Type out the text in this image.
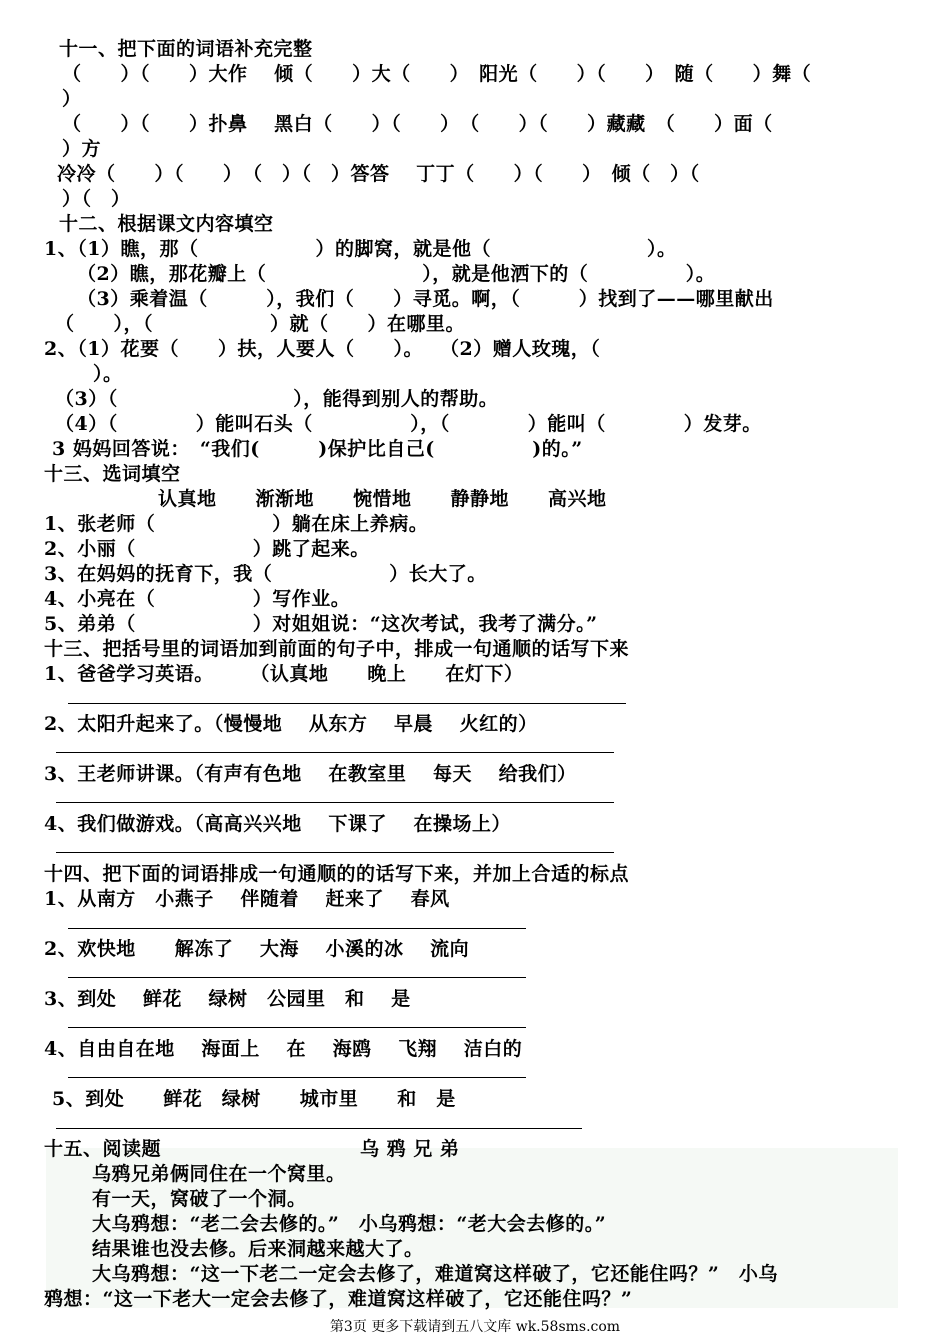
十一、把下面的词语补充完整
（　　）（　　）大作　 倾（　　）大（　　）　阳光（　　）（　　）　随（　　）舞（
）
（　　）（　　）扑鼻　 黑白（　　）（　　）　（　　）（　　）藏藏　（　　）面（
）方
冷冷（　　）（　　）　（　）（　）答答　 丁丁（　　）（　　）　倾（　）（
）（　）
十二、根据课文内容填空
1、（1）瞧，那（　　　　　　）的脚窝，就是他（　　　　　　　　）。
（2）瞧，那花瓣上（　　　　　　　　），就是他洒下的（　　　　　）。
（3）乘着温（　　　），我们（　　）寻觅。啊，（　　　）找到了——哪里献出
（　　），（　　　　　　）就（　　）在哪里。
2、（1）花要（　　）扶，人要人（　　）。　 （2）赠人玫瑰，（
）。
（3）（　　　　　　　　　），能得到别人的帮助。
（4）（　　　　）能叫石头（　　　　　），（　　　　）能叫（　　　　）发芽。
3 妈妈回答说：　“我们(　　　)保护比自己(　　　　　)的。”
十三、选词填空
认真地　　渐渐地　　惋惜地　　静静地　　高兴地
1、张老师（　　　　　　）躺在床上养病。
2、小丽（　　　　　　）跳了起来。
3、在妈妈的抚育下，我（　　　　　　）长大了。
4、小亮在（　　　　　）写作业。
5、弟弟（　　　　　　）对姐姐说：“这次考试，我考了满分。”
十三、把括号里的词语加到前面的句子中，排成一句通顺的话写下来
1、爸爸学习英语。　　 （认真地　　晚上　　在灯下）
2、太阳升起来了。（慢慢地　 从东方　 早晨　 火红的）
3、王老师讲课。（有声有色地　 在教室里　 每天　 给我们）
4、我们做游戏。（高高兴兴地　 下课了　 在操场上）
十四、把下面的词语排成一句通顺的的话写下来，并加上合适的标点
1、从南方　小燕子　 伴随着　 赶来了　 春风
2、欢快地　　解冻了　 大海　 小溪的冰　 流向
3、到处　 鲜花　 绿树　公园里　和　 是
4、自由自在地　 海面上　 在　 海鸥　 飞翔　 洁白的
5、到处　　鲜花　绿树　　城市里　　和　是
十五、阅读题	乌 鸦 兄 弟
乌鸦兄弟俩同住在一个窝里。
有一天，窝破了一个洞。
大乌鸦想：“老二会去修的。”　小乌鸦想：“老大会去修的。”
结果谁也没去修。后来洞越来越大了。
大乌鸦想：“这一下老二一定会去修了，难道窝这样破了，它还能住吗？”　小乌
鸦想：“这一下老大一定会去修了，难道窝这样破了，它还能住吗？”
第3页 更多下载请到五八文库 wk.58sms.com
